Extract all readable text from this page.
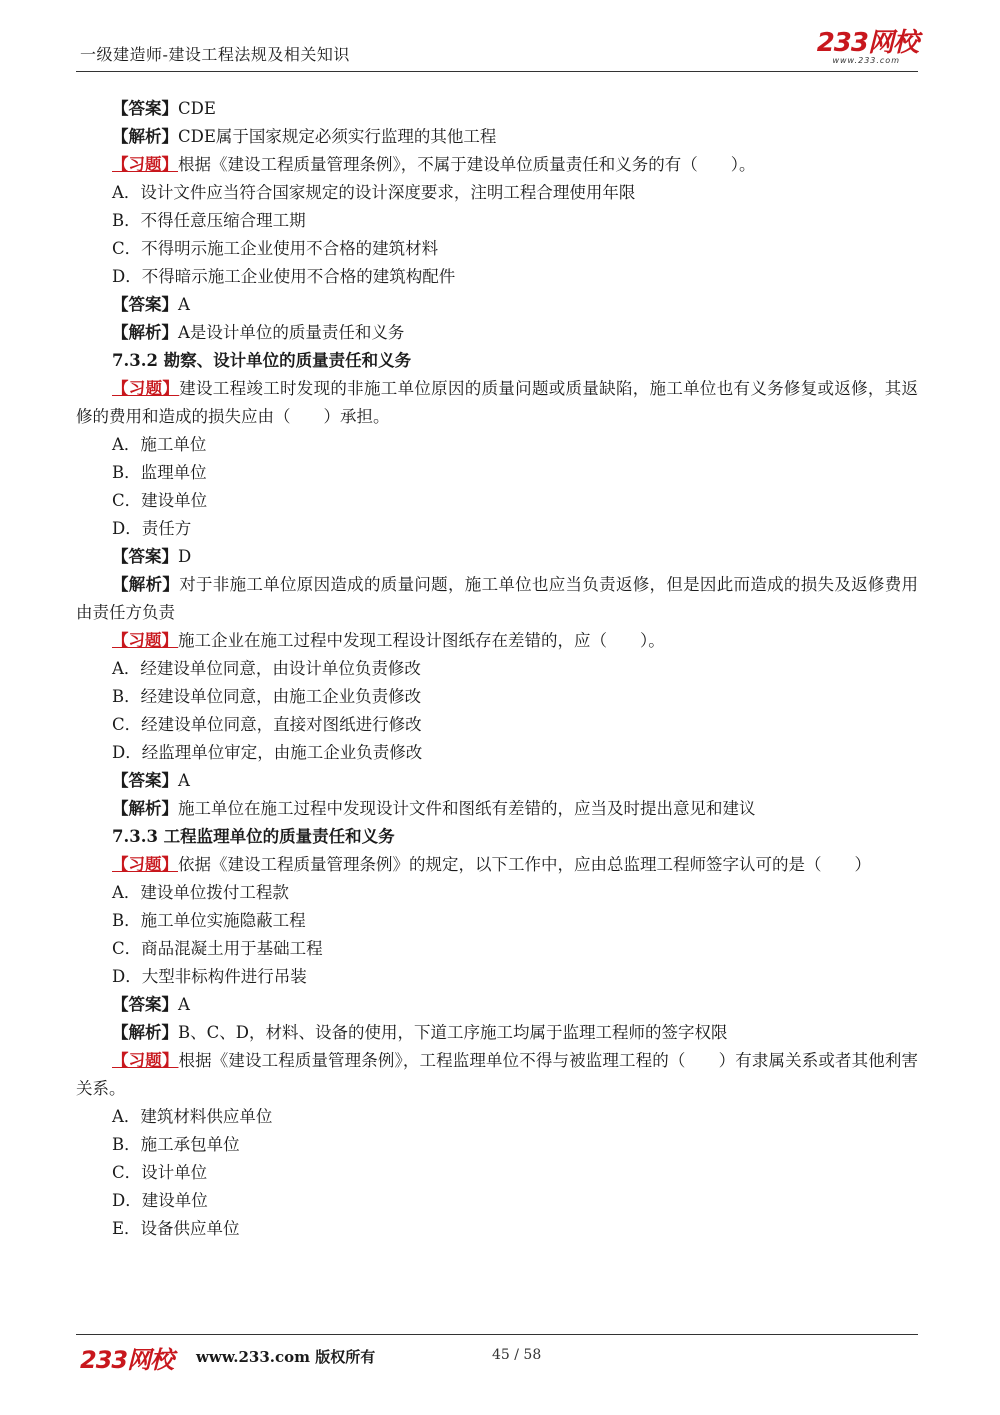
一级建造师-建设工程法规及相关知识	233网校
www.233.com
【答案】CDE
【解析】CDE属于国家规定必须实行监理的其他工程
【习题】根据《建设工程质量管理条例》，不属于建设单位质量责任和义务的有（　　）。
A．设计文件应当符合国家规定的设计深度要求，注明工程合理使用年限
B．不得任意压缩合理工期
C．不得明示施工企业使用不合格的建筑材料
D．不得暗示施工企业使用不合格的建筑构配件
【答案】A
【解析】A是设计单位的质量责任和义务
7.3.2 勘察、设计单位的质量责任和义务
【习题】建设工程竣工时发现的非施工单位原因的质量问题或质量缺陷，施工单位也有义务修复或返修，其返修的费用和造成的损失应由（　　）承担。
A．施工单位
B．监理单位
C．建设单位
D．责任方
【答案】D
【解析】对于非施工单位原因造成的质量问题，施工单位也应当负责返修，但是因此而造成的损失及返修费用由责任方负责
【习题】施工企业在施工过程中发现工程设计图纸存在差错的，应（　　）。
A．经建设单位同意，由设计单位负责修改
B．经建设单位同意，由施工企业负责修改
C．经建设单位同意，直接对图纸进行修改
D．经监理单位审定，由施工企业负责修改
【答案】A
【解析】施工单位在施工过程中发现设计文件和图纸有差错的，应当及时提出意见和建议
7.3.3 工程监理单位的质量责任和义务
【习题】依据《建设工程质量管理条例》的规定，以下工作中，应由总监理工程师签字认可的是（　　）
A．建设单位拨付工程款
B．施工单位实施隐蔽工程
C．商品混凝土用于基础工程
D．大型非标构件进行吊装
【答案】A
【解析】B、C、D，材料、设备的使用，下道工序施工均属于监理工程师的签字权限
【习题】根据《建设工程质量管理条例》，工程监理单位不得与被监理工程的（　　）有隶属关系或者其他利害关系。
A．建筑材料供应单位
B．施工承包单位
C．设计单位
D．建设单位
E．设备供应单位
233网校 www.233.com 版权所有	45 / 58
